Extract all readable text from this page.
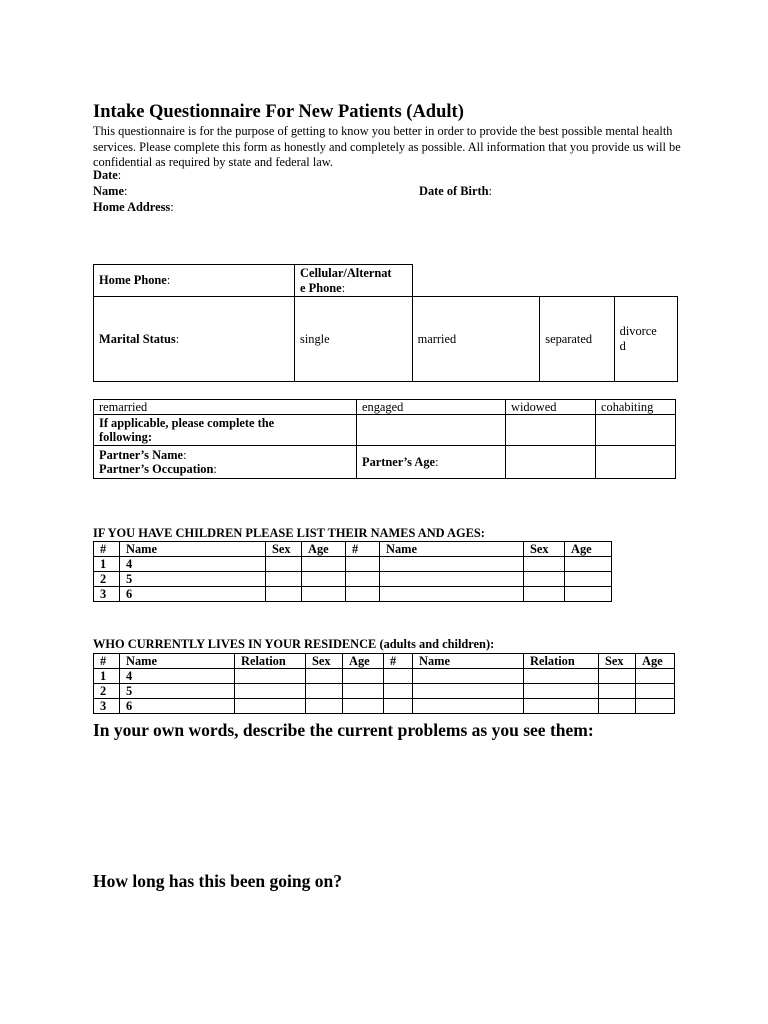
Intake Questionnaire For New Patients (Adult)
This questionnaire is for the purpose of getting to know you better in order to provide the best possible mental health services. Please complete this form as honestly and completely as possible. All information that you provide us will be confidential as required by state and federal law.
Date:
Name:	Date of Birth:
Home Address:
Home Phone:	Cellular/Alternat
e Phone:			
Marital Status:	single	married	separated	divorce
d
remarried	engaged	widowed	cohabiting
If applicable, please complete the
following:			
Partner’s Name:
Partner’s Occupation:	Partner’s Age:		
IF YOU HAVE CHILDREN PLEASE LIST THEIR NAMES AND AGES:
#	Name	Sex	Age	#	Name	Sex	Age
1	4						
2	5						
3	6						
WHO CURRENTLY LIVES IN YOUR RESIDENCE (adults and children):
#	Name	Relation	Sex	Age	#	Name	Relation	Sex	Age
1	4								
2	5								
3	6								
In your own words, describe the current problems as you see them:
How long has this been going on?
